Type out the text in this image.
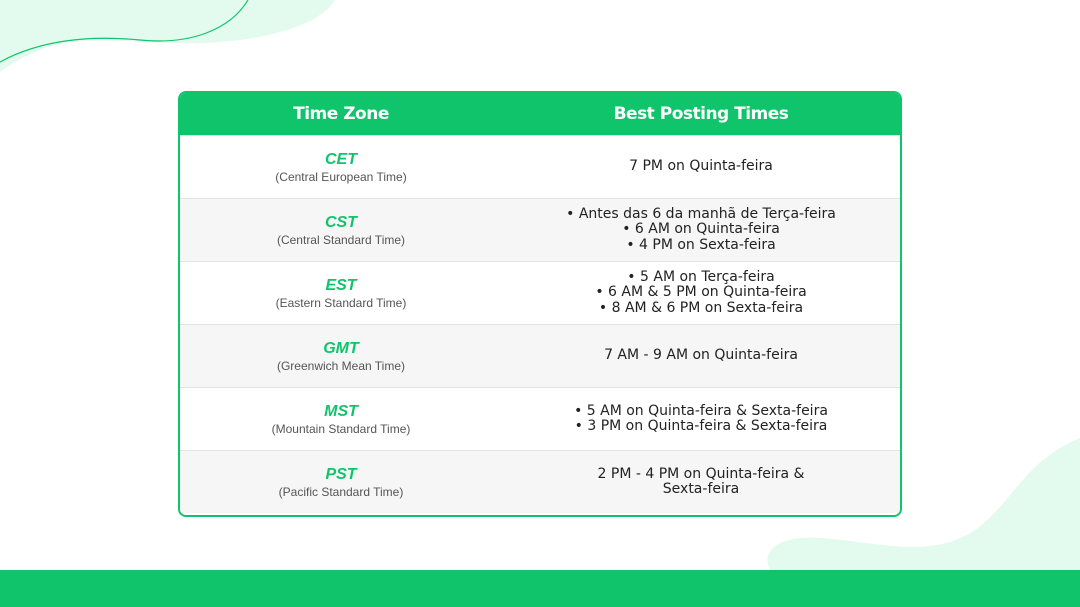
Time Zone	Best Posting Times
CET
(Central European Time)
7 PM on Quinta-feira
CST
(Central Standard Time)
• Antes das 6 da manhã de Terça-feira
• 6 AM on Quinta-feira
• 4 PM on Sexta-feira
EST
(Eastern Standard Time)
• 5 AM on Terça-feira
• 6 AM & 5 PM on Quinta-feira
• 8 AM & 6 PM on Sexta-feira
GMT
(Greenwich Mean Time)
7 AM - 9 AM on Quinta-feira
MST
(Mountain Standard Time)
• 5 AM on Quinta-feira & Sexta-feira
• 3 PM on Quinta-feira & Sexta-feira
PST
(Pacific Standard Time)
2 PM - 4 PM on Quinta-feira &
Sexta-feira
